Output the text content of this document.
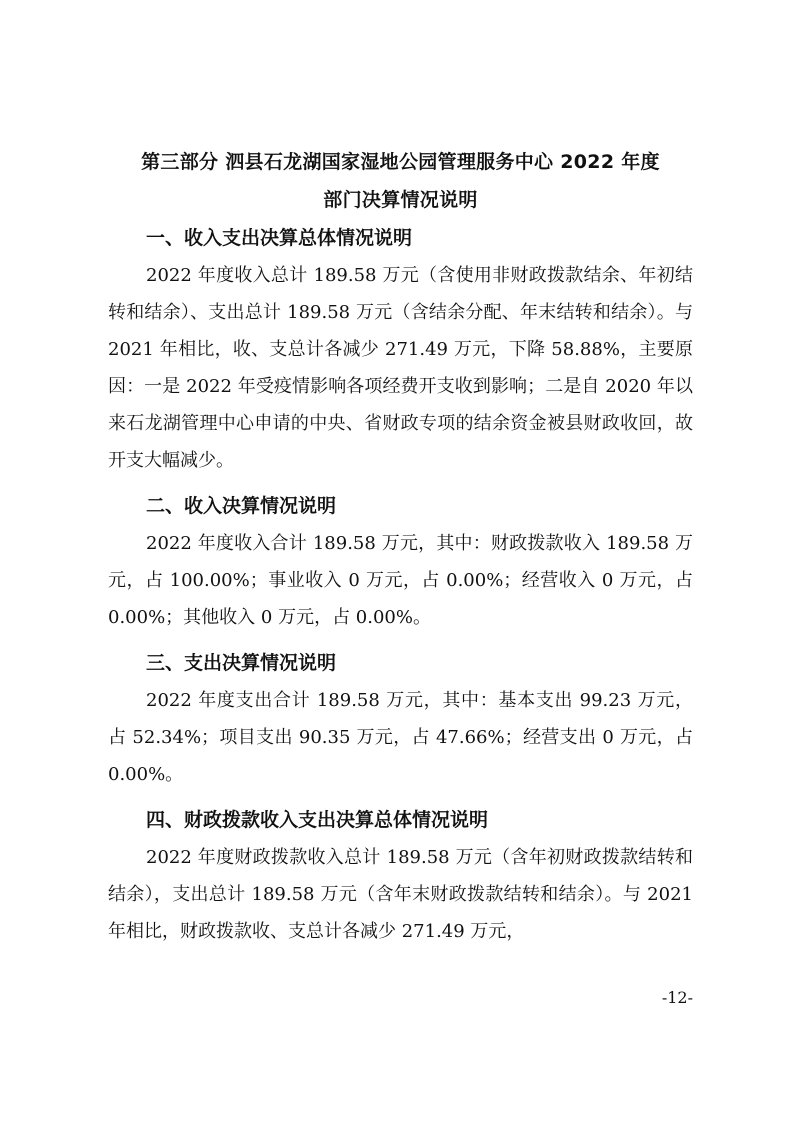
第三部分 泗县石龙湖国家湿地公园管理服务中心 2022 年度

部门决算情况说明

一、收入支出决算总体情况说明

2022 年度收入总计 189.58 万元（含使用非财政拨款结余、年初结转和结余）、支出总计 189.58 万元（含结余分配、年末结转和结余）。与 2021 年相比，收、支总计各减少 271.49 万元，下降 58.88%，主要原因：一是 2022 年受疫情影响各项经费开支收到影响；二是自 2020 年以来石龙湖管理中心申请的中央、省财政专项的结余资金被县财政收回，故开支大幅减少。

二、收入决算情况说明

2022 年度收入合计 189.58 万元，其中：财政拨款收入 189.58 万元，占 100.00%；事业收入 0 万元，占 0.00%；经营收入 0 万元，占 0.00%；其他收入 0 万元，占 0.00%。

三、支出决算情况说明

2022 年度支出合计 189.58 万元，其中：基本支出 99.23 万元，占 52.34%；项目支出 90.35 万元，占 47.66%；经营支出 0 万元，占 0.00%。

四、财政拨款收入支出决算总体情况说明

2022 年度财政拨款收入总计 189.58 万元（含年初财政拨款结转和结余），支出总计 189.58 万元（含年末财政拨款结转和结余）。与 2021 年相比，财政拨款收、支总计各减少 271.49 万元，

-12-
